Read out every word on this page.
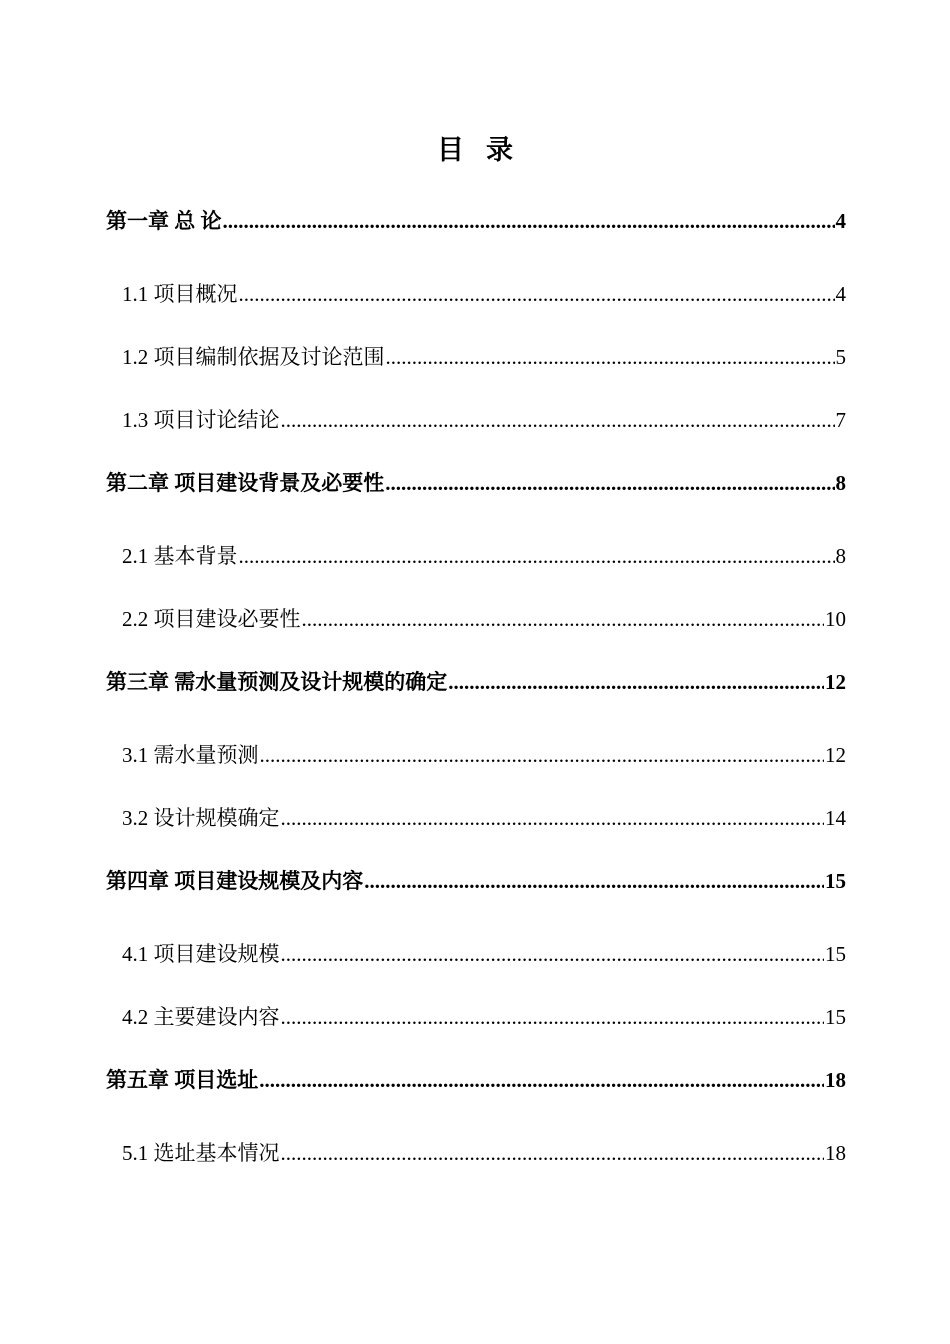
目录
第一章 总 论 .....	4
1.1 项目概况 .....	4
1.2 项目编制依据及讨论范围 .....	5
1.3 项目讨论结论 .....	7
第二章 项目建设背景及必要性 .....	8
2.1 基本背景 .....	8
2.2 项目建设必要性 .....	10
第三章 需水量预测及设计规模的确定 .....	12
3.1 需水量预测 .....	12
3.2 设计规模确定 .....	14
第四章 项目建设规模及内容 .....	15
4.1 项目建设规模 .....	15
4.2 主要建设内容 .....	15
第五章 项目选址 .....	18
5.1 选址基本情况 .....	18
